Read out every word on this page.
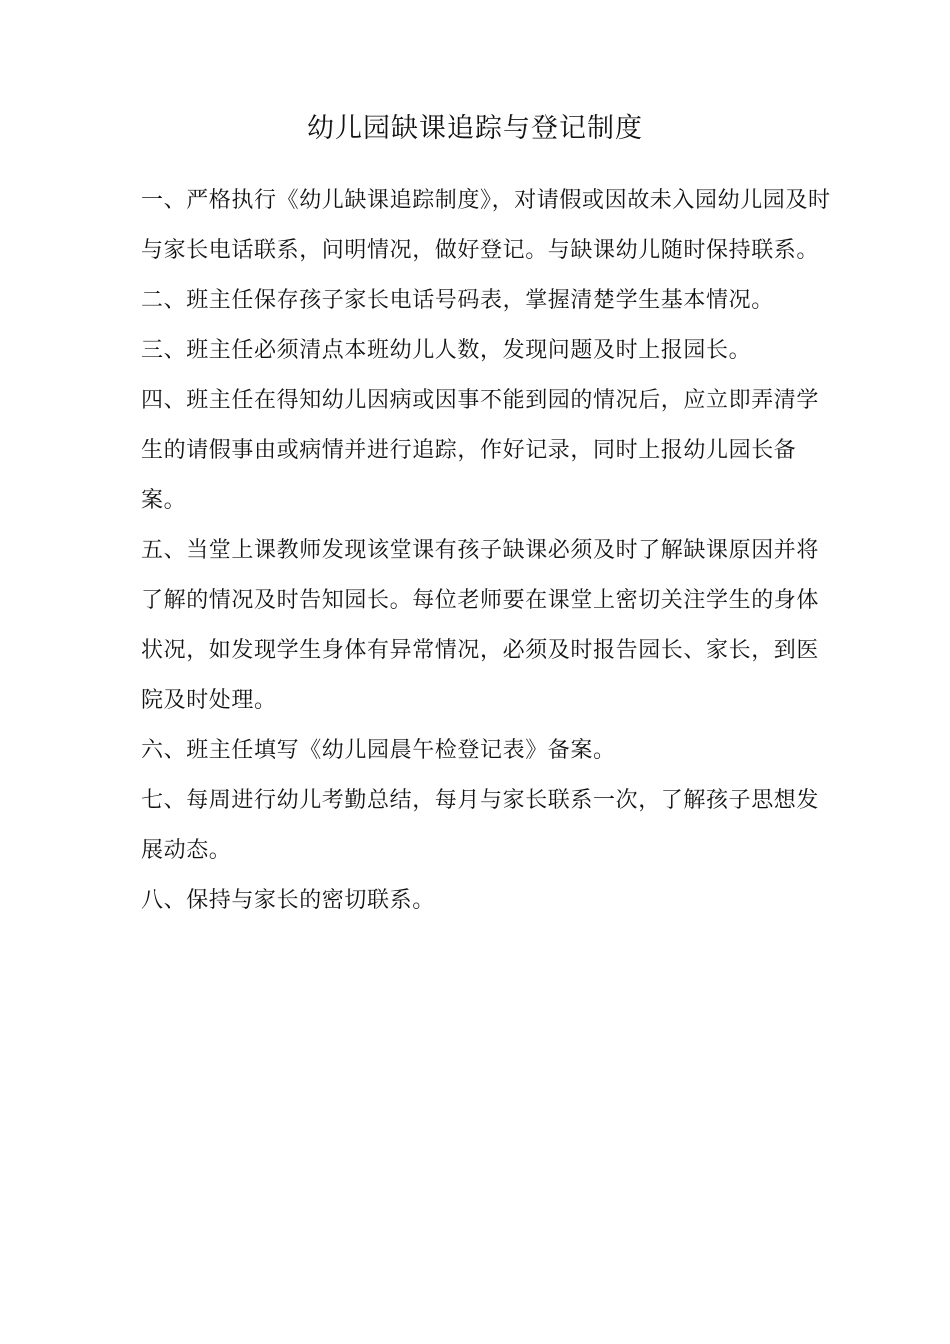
幼儿园缺课追踪与登记制度

一、严格执行《幼儿缺课追踪制度》，对请假或因故未入园幼儿园及时与家长电话联系，问明情况，做好登记。与缺课幼儿随时保持联系。

二、班主任保存孩子家长电话号码表，掌握清楚学生基本情况。

三、班主任必须清点本班幼儿人数，发现问题及时上报园长。

四、班主任在得知幼儿因病或因事不能到园的情况后，应立即弄清学生的请假事由或病情并进行追踪，作好记录，同时上报幼儿园长备案。

五、当堂上课教师发现该堂课有孩子缺课必须及时了解缺课原因并将了解的情况及时告知园长。每位老师要在课堂上密切关注学生的身体状况，如发现学生身体有异常情况，必须及时报告园长、家长，到医院及时处理。

六、班主任填写《幼儿园晨午检登记表》备案。

七、每周进行幼儿考勤总结，每月与家长联系一次，了解孩子思想发展动态。

八、保持与家长的密切联系。
